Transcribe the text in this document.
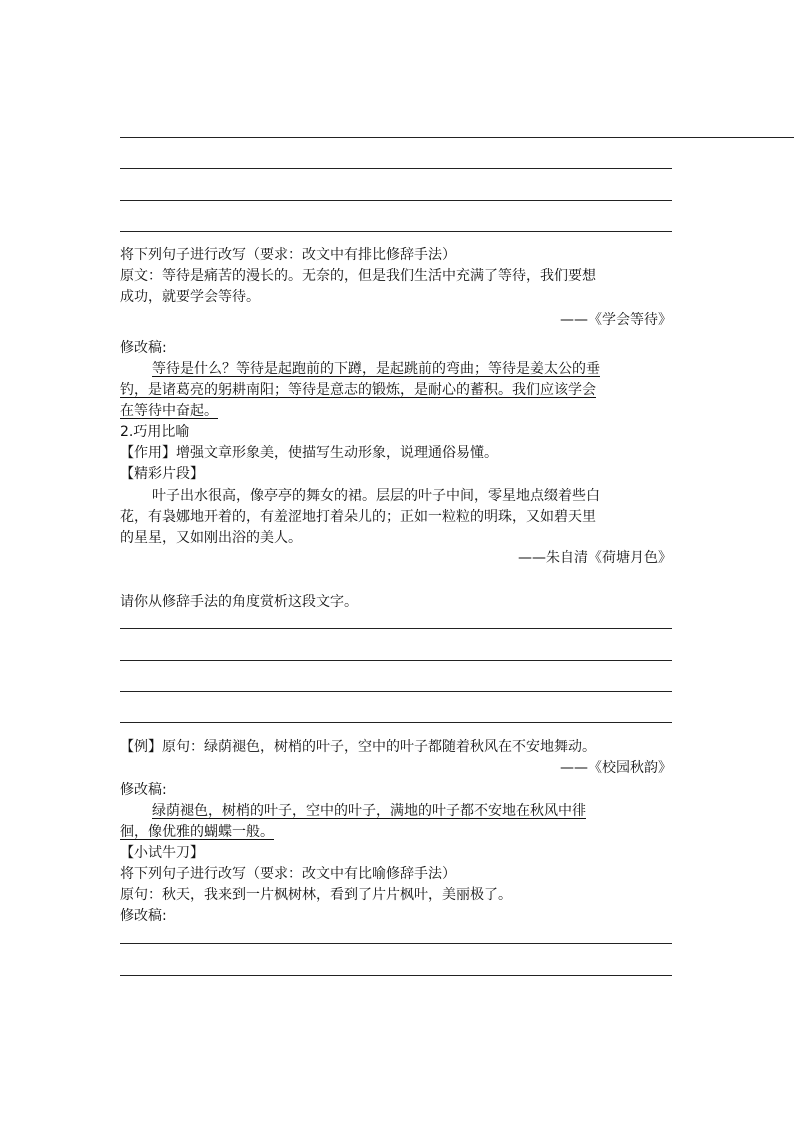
将下列句子进行改写（要求：改文中有排比修辞手法）
原文：等待是痛苦的漫长的。无奈的，但是我们生活中充满了等待，我们要想
成功，就要学会等待。
——《学会等待》
修改稿:
等待是什么？等待是起跑前的下蹲，是起跳前的弯曲；等待是姜太公的垂
钓，是诸葛亮的躬耕南阳；等待是意志的锻炼，是耐心的蓄积。我们应该学会
在等待中奋起。
2.巧用比喻
【作用】增强文章形象美，使描写生动形象，说理通俗易懂。
【精彩片段】
叶子出水很高，像亭亭的舞女的裙。层层的叶子中间，零星地点缀着些白
花，有袅娜地开着的，有羞涩地打着朵儿的；正如一粒粒的明珠，又如碧天里
的星星，又如刚出浴的美人。
——朱自清《荷塘月色》
请你从修辞手法的角度赏析这段文字。
【例】原句：绿荫褪色，树梢的叶子，空中的叶子都随着秋风在不安地舞动。
——《校园秋韵》
修改稿:
绿荫褪色，树梢的叶子，空中的叶子，满地的叶子都不安地在秋风中徘
徊，像优雅的蝴蝶一般。
【小试牛刀】
将下列句子进行改写（要求：改文中有比喻修辞手法）
原句：秋天，我来到一片枫树林，看到了片片枫叶，美丽极了。
修改稿:
